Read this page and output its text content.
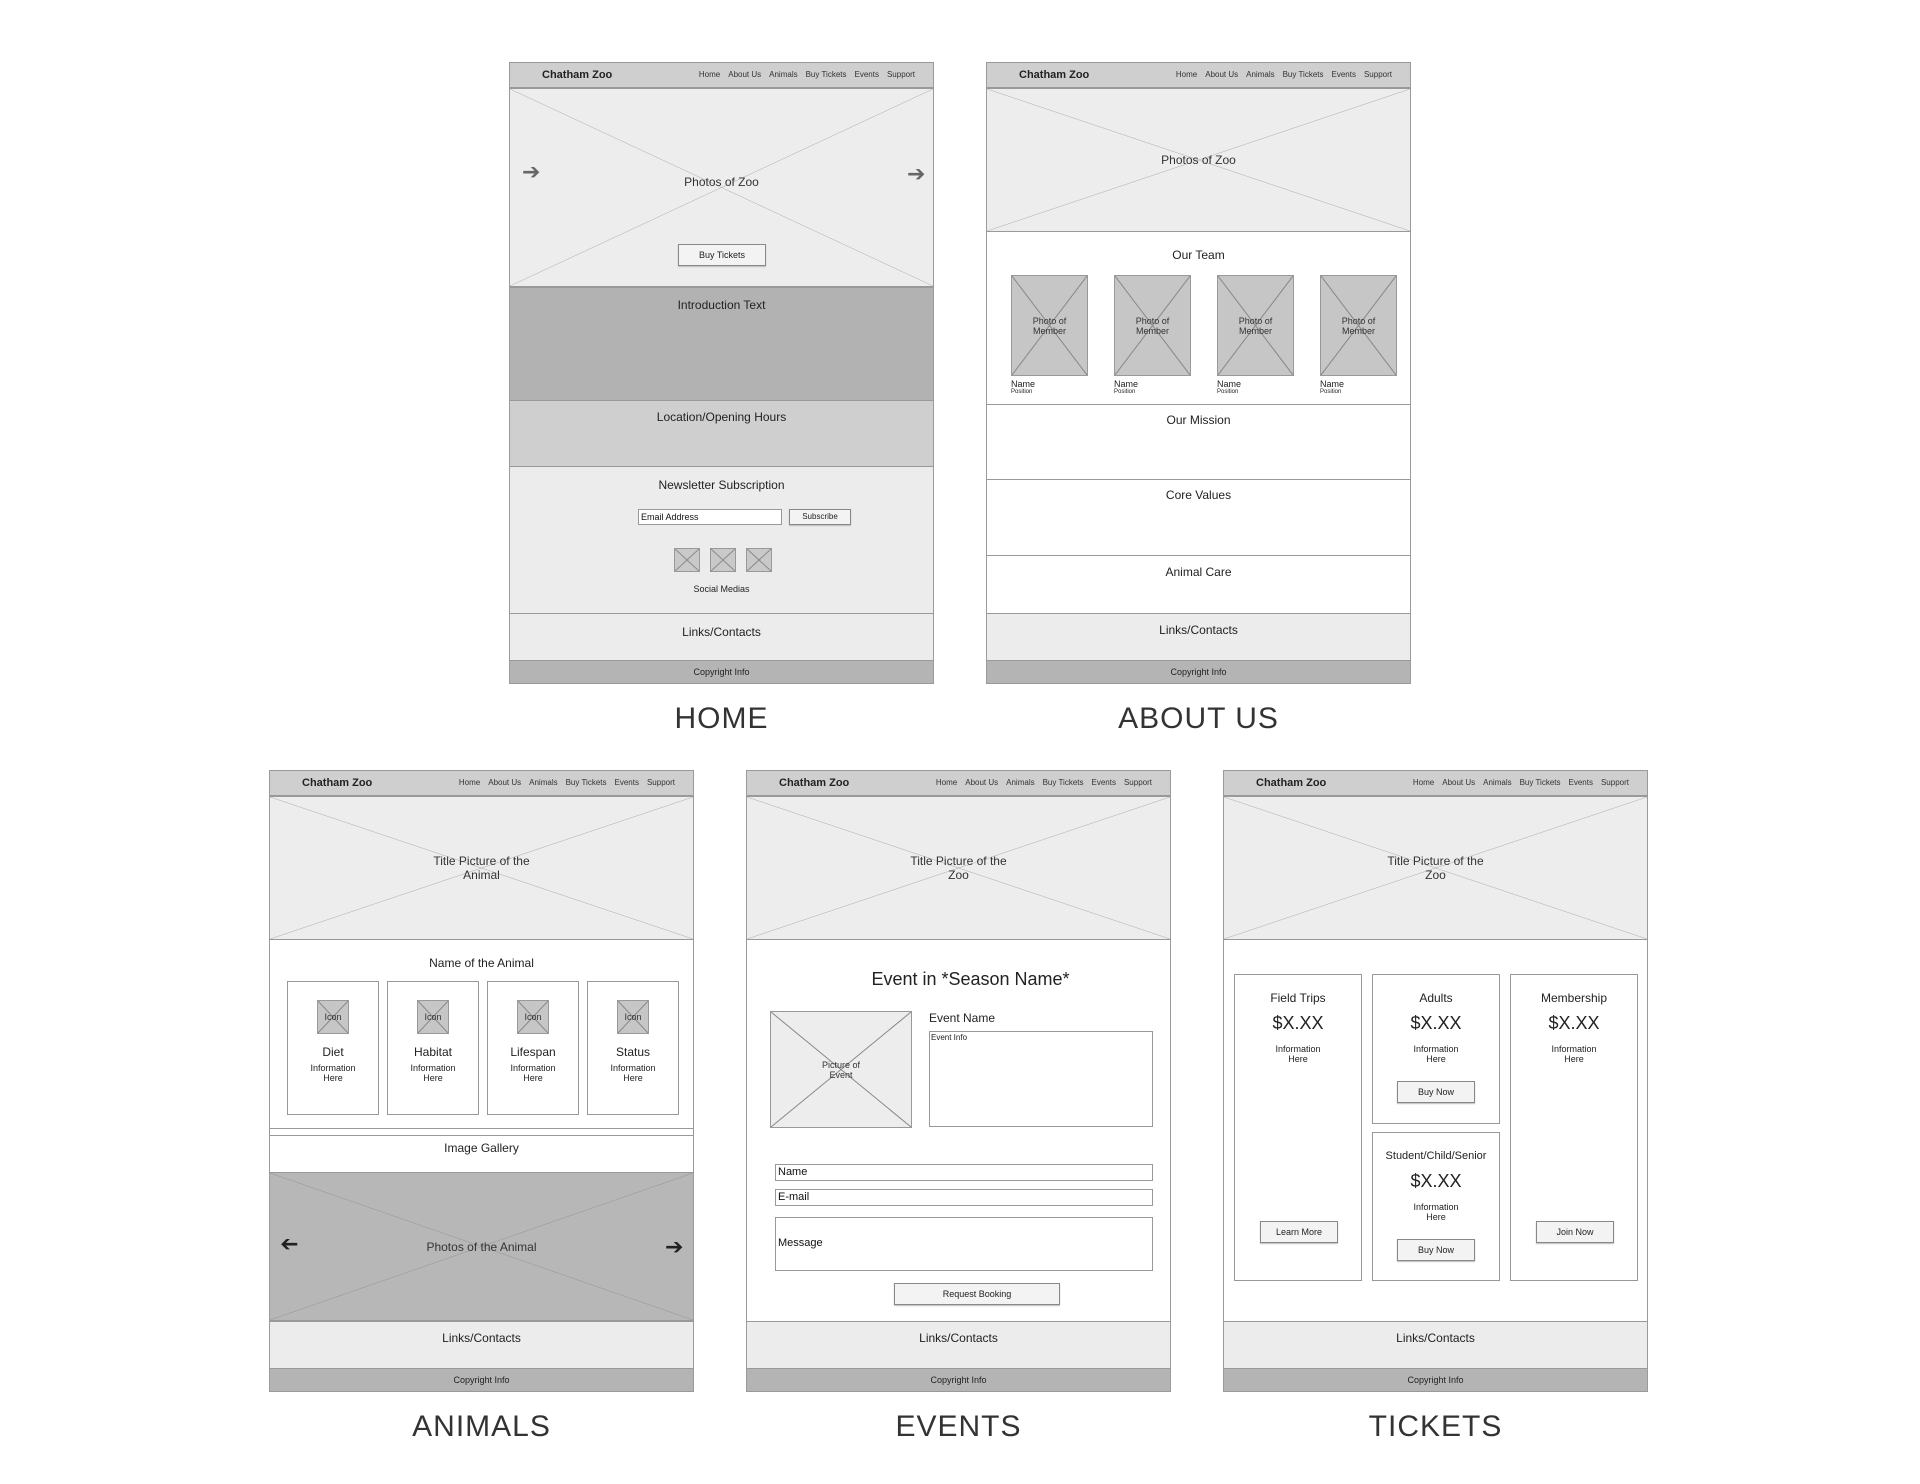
Chatham Zoo	Home About Us Animals Buy Tickets Events Support
Photos of Zoo
➔
Buy Tickets
➔
Introduction Text
Location/Opening Hours
Newsletter Subscription
Email Address	Subscribe
Social Medias
Links/Contacts
Copyright Info
HOME
Chatham Zoo	Home About Us Animals Buy Tickets Events Support
Photos of Zoo
Our Team
Photo of
Member
Name
Position
Photo of
Member
Name
Position
Photo of
Member
Name
Position
Photo of
Member
Name
Position
Our Mission
Core Values
Animal Care
Links/Contacts
Copyright Info
ABOUT US
Chatham Zoo	Home About Us Animals Buy Tickets Events Support
Title Picture of the
Animal
Name of the Animal
Icon
Diet
Information
Here
Icon
Habitat
Information
Here
Icon
Lifespan
Information
Here
Icon
Status
Information
Here
Image Gallery
Photos of the Animal
➔	➔
Links/Contacts
Copyright Info
ANIMALS
Chatham Zoo	Home About Us Animals Buy Tickets Events Support
Title Picture of the
Zoo
Event in *Season Name*
Picture of
Event
Event Name
Event Info
Name
E-mail
Message
Request Booking
Links/Contacts
Copyright Info
EVENTS
Chatham Zoo	Home About Us Animals Buy Tickets Events Support
Title Picture of the
Zoo
Field Trips
$X.XX
Information
Here
Learn More
Adults
$X.XX
Information
Here
Buy Now
Student/Child/Senior
$X.XX
Information
Here
Buy Now
Membership
$X.XX
Information
Here
Join Now
Links/Contacts
Copyright Info
TICKETS
